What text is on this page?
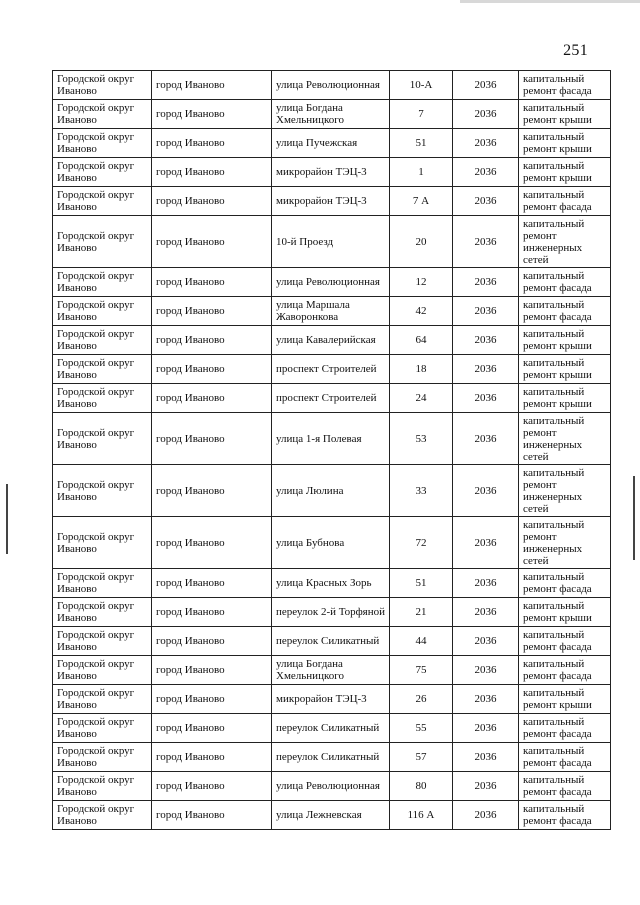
251
Городской округ Иваново	город Иваново	улица Революционная	10-А	2036	капитальный ремонт фасада
Городской округ Иваново	город Иваново	улица Богдана Хмельницкого	7	2036	капитальный ремонт крыши
Городской округ Иваново	город Иваново	улица Пучежская	51	2036	капитальный ремонт крыши
Городской округ Иваново	город Иваново	микрорайон ТЭЦ-3	1	2036	капитальный ремонт крыши
Городской округ Иваново	город Иваново	микрорайон ТЭЦ-3	7 А	2036	капитальный ремонт фасада
Городской округ Иваново	город Иваново	10-й Проезд	20	2036	капитальный ремонт инженерных сетей
Городской округ Иваново	город Иваново	улица Революционная	12	2036	капитальный ремонт фасада
Городской округ Иваново	город Иваново	улица Маршала Жаворонкова	42	2036	капитальный ремонт фасада
Городской округ Иваново	город Иваново	улица Кавалерийская	64	2036	капитальный ремонт крыши
Городской округ Иваново	город Иваново	проспект Строителей	18	2036	капитальный ремонт крыши
Городской округ Иваново	город Иваново	проспект Строителей	24	2036	капитальный ремонт крыши
Городской округ Иваново	город Иваново	улица 1-я Полевая	53	2036	капитальный ремонт инженерных сетей
Городской округ Иваново	город Иваново	улица Люлина	33	2036	капитальный ремонт инженерных сетей
Городской округ Иваново	город Иваново	улица Бубнова	72	2036	капитальный ремонт инженерных сетей
Городской округ Иваново	город Иваново	улица Красных Зорь	51	2036	капитальный ремонт фасада
Городской округ Иваново	город Иваново	переулок 2-й Торфяной	21	2036	капитальный ремонт крыши
Городской округ Иваново	город Иваново	переулок Силикатный	44	2036	капитальный ремонт фасада
Городской округ Иваново	город Иваново	улица Богдана Хмельницкого	75	2036	капитальный ремонт фасада
Городской округ Иваново	город Иваново	микрорайон ТЭЦ-3	26	2036	капитальный ремонт крыши
Городской округ Иваново	город Иваново	переулок Силикатный	55	2036	капитальный ремонт фасада
Городской округ Иваново	город Иваново	переулок Силикатный	57	2036	капитальный ремонт фасада
Городской округ Иваново	город Иваново	улица Революционная	80	2036	капитальный ремонт фасада
Городской округ Иваново	город Иваново	улица Лежневская	116 А	2036	капитальный ремонт фасада
